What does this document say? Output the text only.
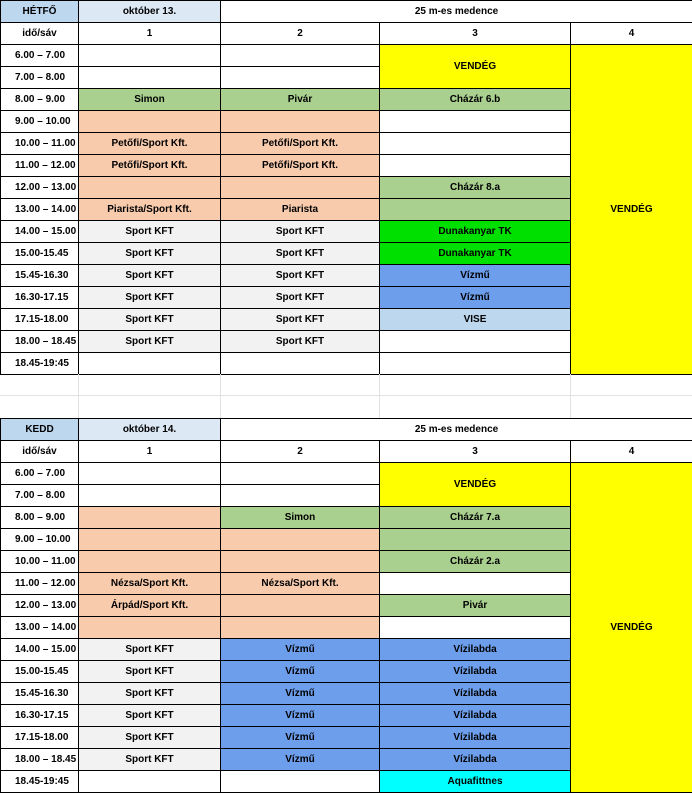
HÉTFŐ	október 13.	25 m-es medence		
idő/sáv	1	2	3	4
6.00 – 7.00			VENDÉG	VENDÉG
7.00 – 8.00				
8.00 – 9.00	Simon	Pivár	Cházár 6.b	
9.00 – 10.00				
10.00 – 11.00	Petőfi/Sport Kft.	Petőfi/Sport Kft.		
11.00 – 12.00	Petőfi/Sport Kft.	Petőfi/Sport Kft.		
12.00 – 13.00			Cházár 8.a	
13.00 – 14.00	Piarista/Sport Kft.	Piarista		
14.00 – 15.00	Sport KFT	Sport KFT	Dunakanyar TK	
15.00-15.45	Sport KFT	Sport KFT	Dunakanyar TK	
15.45-16.30	Sport KFT	Sport KFT	Vízmű	
16.30-17.15	Sport KFT	Sport KFT	Vízmű	
17.15-18.00	Sport KFT	Sport KFT	VISE	
18.00 – 18.45	Sport KFT	Sport KFT		
18.45-19:45				
KEDD	október 14.	25 m-es medence		
idő/sáv	1	2	3	4
6.00 – 7.00			VENDÉG	VENDÉG
7.00 – 8.00				
8.00 – 9.00		Simon	Cházár 7.a	
9.00 – 10.00				
10.00 – 11.00			Cházár 2.a	
11.00 – 12.00	Nézsa/Sport Kft.	Nézsa/Sport Kft.		
12.00 – 13.00	Árpád/Sport Kft.		Pivár	
13.00 – 14.00				
14.00 – 15.00	Sport KFT	Vízmű	Vízilabda	
15.00-15.45	Sport KFT	Vízmű	Vízilabda	
15.45-16.30	Sport KFT	Vízmű	Vízilabda	
16.30-17.15	Sport KFT	Vízmű	Vízilabda	
17.15-18.00	Sport KFT	Vízmű	Vízilabda	
18.00 – 18.45	Sport KFT	Vízmű	Vízilabda	
18.45-19:45			Aquafittnes	
